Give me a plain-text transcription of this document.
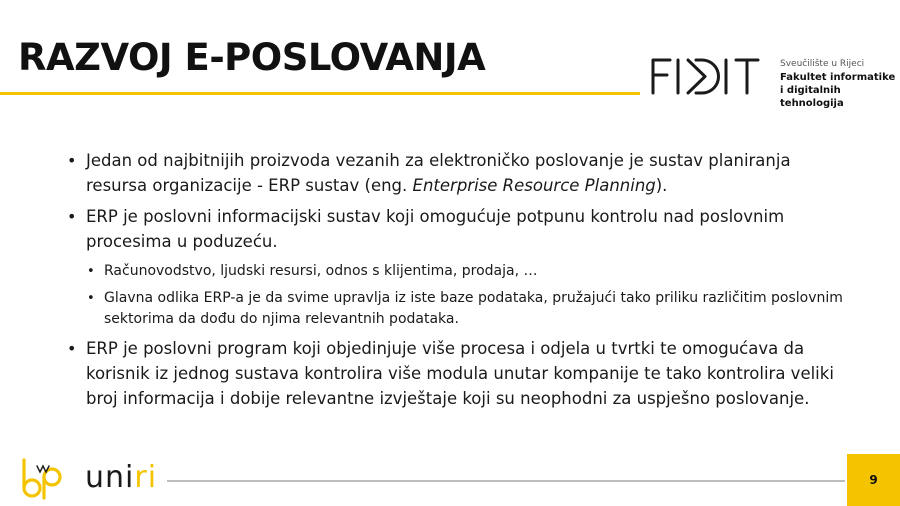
RAZVOJ E-POSLOVANJA	Sveučilište u Rijeci
Fakultet informatike
i digitalnih tehnologija
• Jedan od najbitnijih proizvoda vezanih za elektroničko poslovanje je sustav planiranja resursa organizacije - ERP sustav (eng. Enterprise Resource Planning).
• ERP je poslovni informacijski sustav koji omogućuje potpunu kontrolu nad poslovnim procesima u poduzeću.
• Računovodstvo, ljudski resursi, odnos s klijentima, prodaja, …
• Glavna odlika ERP-a je da svime upravlja iz iste baze podataka, pružajući tako priliku različitim poslovnim sektorima da dođu do njima relevantnih podataka.
• ERP je poslovni program koji objedinjuje više procesa i odjela u tvrtki te omogućava da korisnik iz jednog sustava kontrolira više modula unutar kompanije te tako kontrolira veliki broj informacija i dobije relevantne izvještaje koji su neophodni za uspješno poslovanje.
uniri	9
